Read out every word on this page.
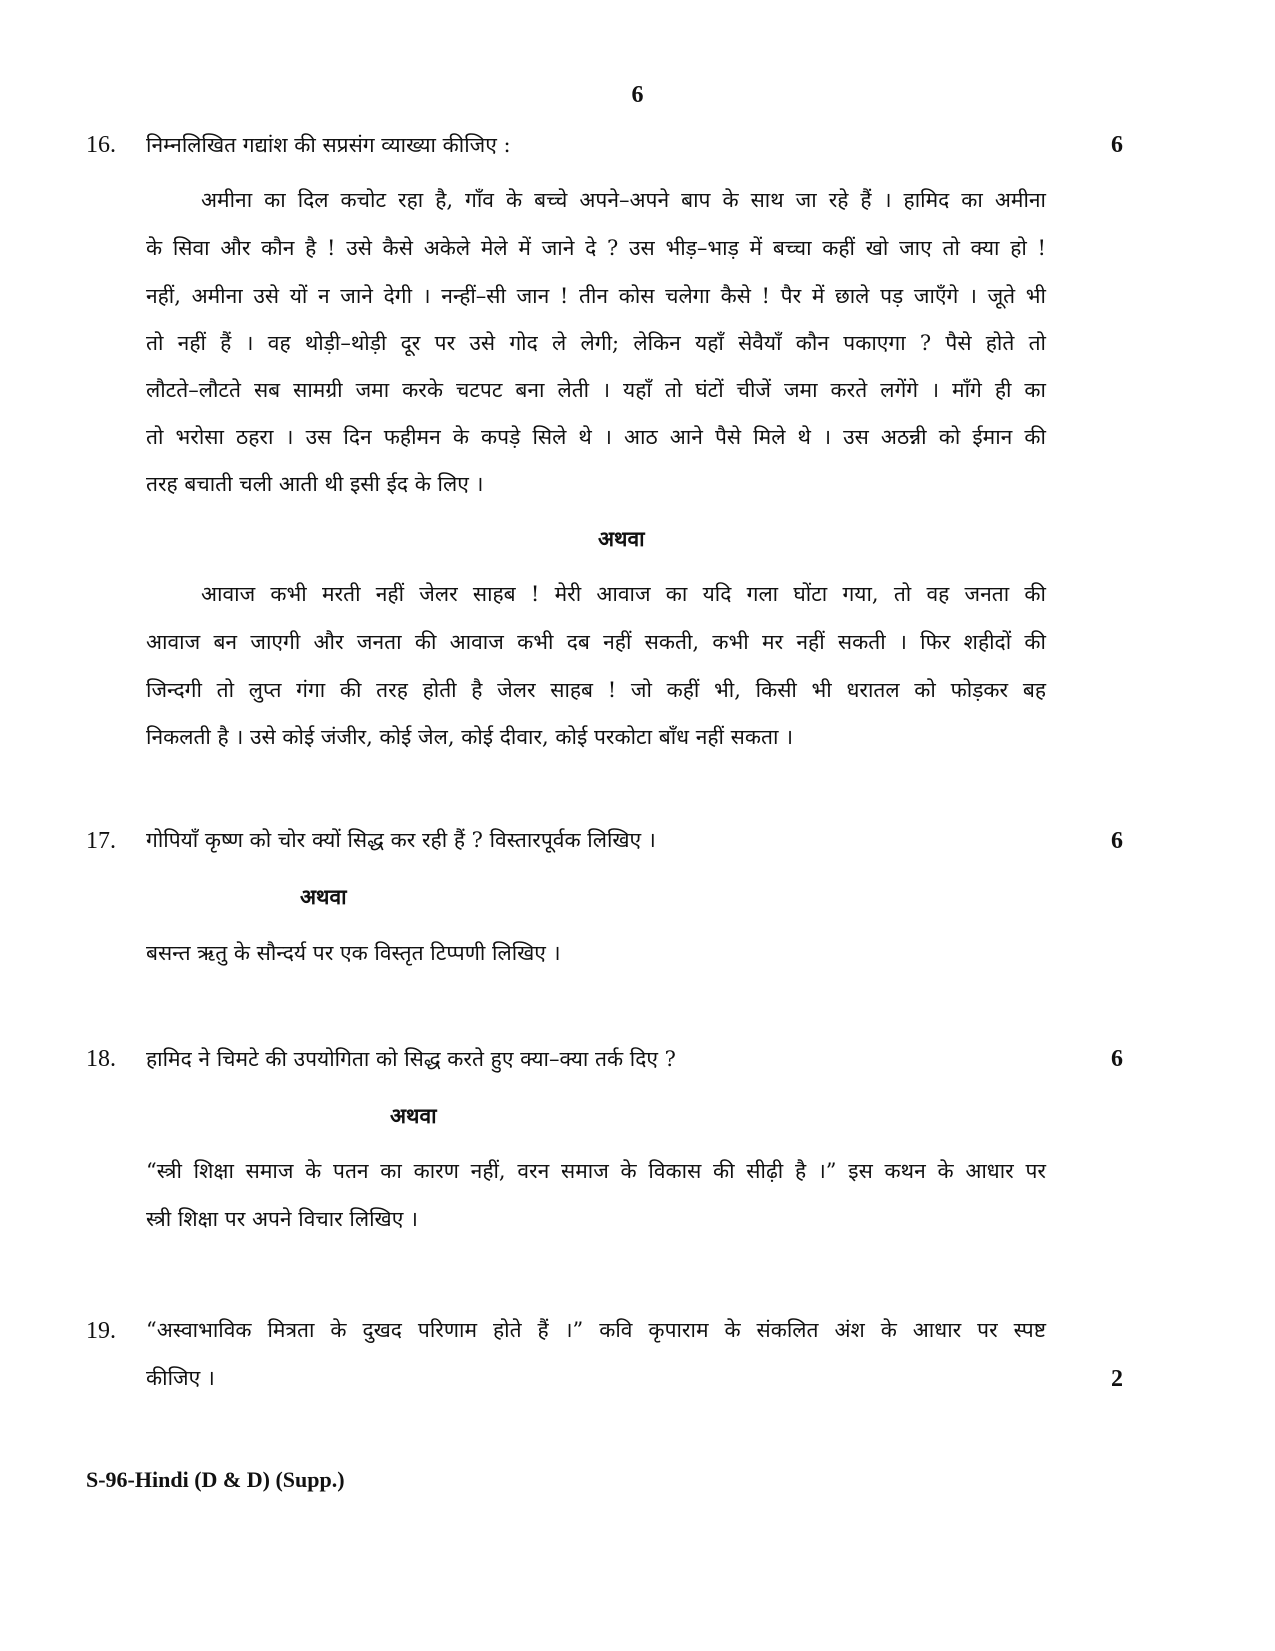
6
16. निम्नलिखित गद्यांश की सप्रसंग व्याख्या कीजिए :	6
अमीना का दिल कचोट रहा है, गाँव के बच्चे अपने–अपने बाप के साथ जा रहे हैं । हामिद का अमीना
के सिवा और कौन है ! उसे कैसे अकेले मेले में जाने दे ? उस भीड़–भाड़ में बच्चा कहीं खो जाए तो क्या हो !
नहीं, अमीना उसे यों न जाने देगी । नन्हीं–सी जान ! तीन कोस चलेगा कैसे ! पैर में छाले पड़ जाएँगे । जूते भी
तो नहीं हैं । वह थोड़ी–थोड़ी दूर पर उसे गोद ले लेगी; लेकिन यहाँ सेवैयाँ कौन पकाएगा ? पैसे होते तो
लौटते–लौटते सब सामग्री जमा करके चटपट बना लेती । यहाँ तो घंटों चीजें जमा करते लगेंगे । माँगे ही का
तो भरोसा ठहरा । उस दिन फहीमन के कपड़े सिले थे । आठ आने पैसे मिले थे । उस अठन्नी को ईमान की
तरह बचाती चली आती थी इसी ईद के लिए ।
अथवा
आवाज कभी मरती नहीं जेलर साहब ! मेरी आवाज का यदि गला घोंटा गया, तो वह जनता की
आवाज बन जाएगी और जनता की आवाज कभी दब नहीं सकती, कभी मर नहीं सकती । फिर शहीदों की
जिन्दगी तो लुप्त गंगा की तरह होती है जेलर साहब ! जो कहीं भी, किसी भी धरातल को फोड़कर बह
निकलती है । उसे कोई जंजीर, कोई जेल, कोई दीवार, कोई परकोटा बाँध नहीं सकता ।
17. गोपियाँ कृष्ण को चोर क्यों सिद्ध कर रही हैं ? विस्तारपूर्वक लिखिए ।	6
अथवा
बसन्त ऋतु के सौन्दर्य पर एक विस्तृत टिप्पणी लिखिए ।
18. हामिद ने चिमटे की उपयोगिता को सिद्ध करते हुए क्या–क्या तर्क दिए ?	6
अथवा
“स्त्री शिक्षा समाज के पतन का कारण नहीं, वरन समाज के विकास की सीढ़ी है ।” इस कथन के आधार पर
स्त्री शिक्षा पर अपने विचार लिखिए ।
19. “अस्वाभाविक मित्रता के दुखद परिणाम होते हैं ।” कवि कृपाराम के संकलित अंश के आधार पर स्पष्ट
कीजिए ।	2
S-96-Hindi (D & D) (Supp.)
